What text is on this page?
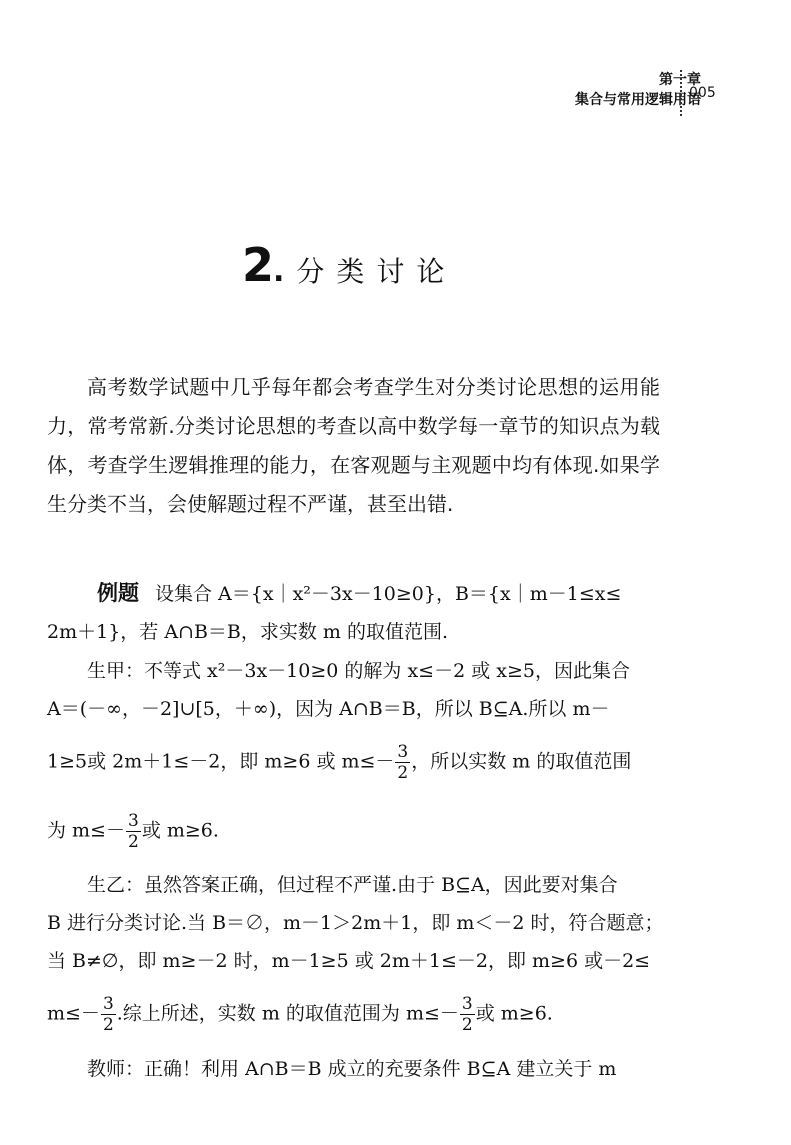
第一章
集合与常用逻辑用语
005
2 . 分类讨论
高考数学试题中几乎每年都会考查学生对分类讨论思想的运用能力，常考常新.分类讨论思想的考查以高中数学每一章节的知识点为载体，考查学生逻辑推理的能力，在客观题与主观题中均有体现.如果学生分类不当，会使解题过程不严谨，甚至出错.
例题 设集合 A＝{x｜x²－3x－10≥0}，B＝{x｜m－1≤x≤
2m＋1}，若 A∩B＝B，求实数 m 的取值范围.
生甲：不等式 x²－3x－10≥0 的解为 x≤－2 或 x≥5，因此集合
A＝(－∞，－2]∪[5，＋∞)，因为 A∩B＝B，所以 B⊆A.所以 m－
1≥5或 2m＋1≤－2，即 m≥6 或 $m\le- \frac{3}{2}$ ，所以实数 m 的取值范围
为 $m\le- \frac{3}{2}$ 或 m≥6.
生乙：虽然答案正确，但过程不严谨.由于 B⊆A，因此要对集合
B 进行分类讨论.当 B＝∅，m－1＞2m＋1，即 m＜－2 时，符合题意；
当 B≠∅，即 m≥－2 时，m－1≥5 或 2m＋1≤－2，即 m≥6 或－2≤
$m\le- \frac{3}{2}$ .综上所述，实数 m 的取值范围为 $m\le- \frac{3}{2}$ 或 m≥6.
教师：正确！利用 A∩B＝B 成立的充要条件 B⊆A 建立关于 m
